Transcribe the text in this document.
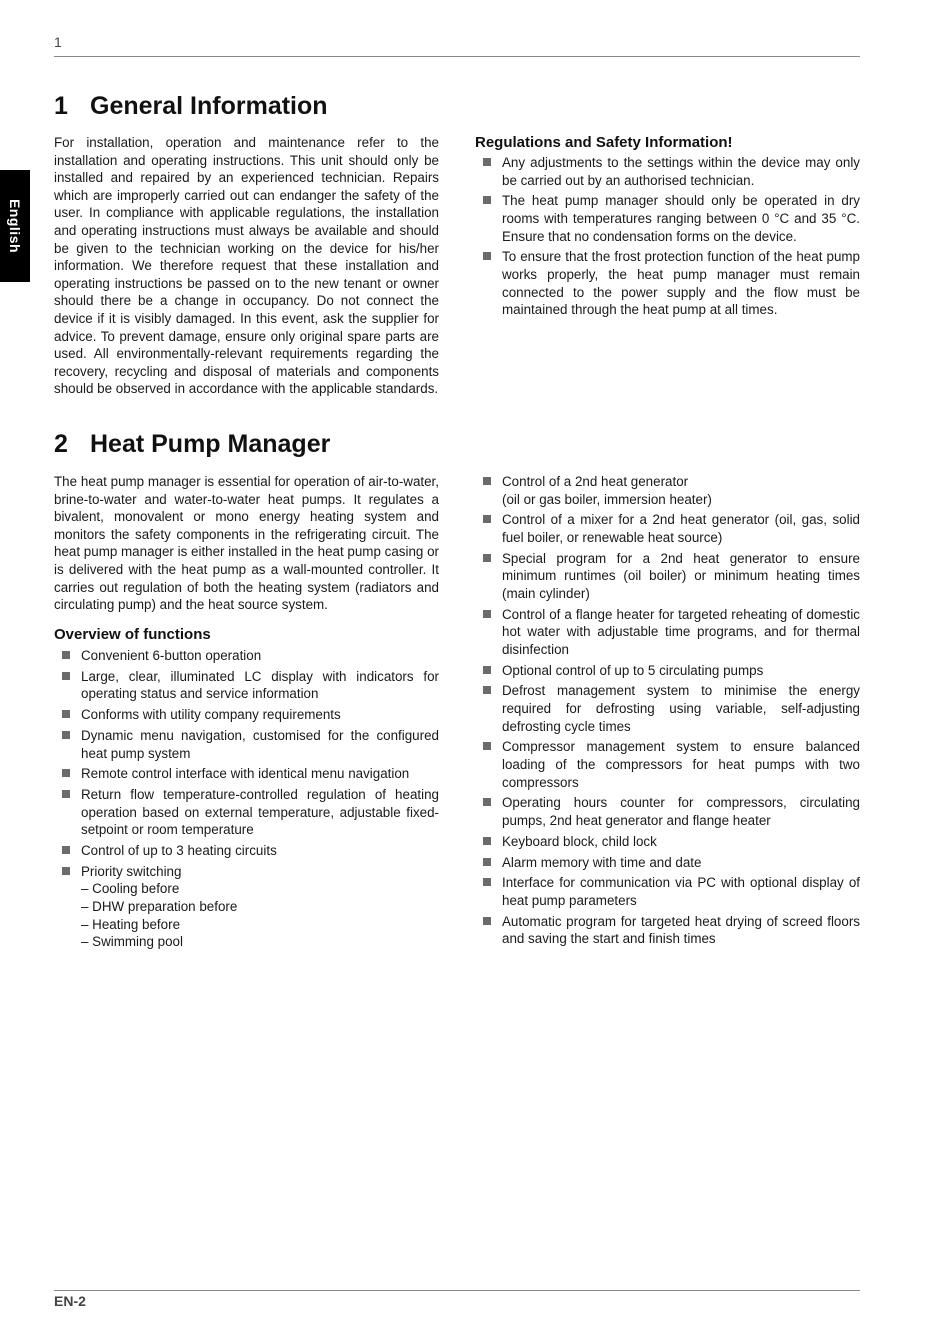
1
English
1 General Information

For installation, operation and maintenance refer to the installation and operating instructions. This unit should only be installed and repaired by an experienced technician. Repairs which are improperly carried out can endanger the safety of the user. In compliance with applicable regulations, the installation and operating instructions must always be available and should be given to the technician working on the device for his/her information. We therefore request that these installation and operating instructions be passed on to the new tenant or owner should there be a change in occupancy. Do not connect the device if it is visibly damaged. In this event, ask the supplier for advice. To prevent damage, ensure only original spare parts are used. All environmentally-relevant requirements regarding the recovery, recycling and disposal of materials and components should be observed in accordance with the applicable standards.

Regulations and Safety Information!
Any adjustments to the settings within the device may only be carried out by an authorised technician.
The heat pump manager should only be operated in dry rooms with temperatures ranging between 0 °C and 35 °C. Ensure that no condensation forms on the device.
To ensure that the frost protection function of the heat pump works properly, the heat pump manager must remain connected to the power supply and the flow must be maintained through the heat pump at all times.
2 Heat Pump Manager

The heat pump manager is essential for operation of air-to-water, brine-to-water and water-to-water heat pumps. It regulates a bivalent, monovalent or mono energy heating system and monitors the safety components in the refrigerating circuit. The heat pump manager is either installed in the heat pump casing or is delivered with the heat pump as a wall-mounted controller. It carries out regulation of both the heating system (radiators and circulating pump) and the heat source system.

Overview of functions
Convenient 6-button operation
Large, clear, illuminated LC display with indicators for operating status and service information
Conforms with utility company requirements
Dynamic menu navigation, customised for the configured heat pump system
Remote control interface with identical menu navigation
Return flow temperature-controlled regulation of heating operation based on external temperature, adjustable fixed-setpoint or room temperature
Control of up to 3 heating circuits
Priority switching
– Cooling before
– DHW preparation before
– Heating before
– Swimming pool
Control of a 2nd heat generator
(oil or gas boiler, immersion heater)
Control of a mixer for a 2nd heat generator (oil, gas, solid fuel boiler, or renewable heat source)
Special program for a 2nd heat generator to ensure minimum runtimes (oil boiler) or minimum heating times (main cylinder)
Control of a flange heater for targeted reheating of domestic hot water with adjustable time programs, and for thermal disinfection
Optional control of up to 5 circulating pumps
Defrost management system to minimise the energy required for defrosting using variable, self-adjusting defrosting cycle times
Compressor management system to ensure balanced loading of the compressors for heat pumps with two compressors
Operating hours counter for compressors, circulating pumps, 2nd heat generator and flange heater
Keyboard block, child lock
Alarm memory with time and date
Interface for communication via PC with optional display of heat pump parameters
Automatic program for targeted heat drying of screed floors and saving the start and finish times
EN-2
